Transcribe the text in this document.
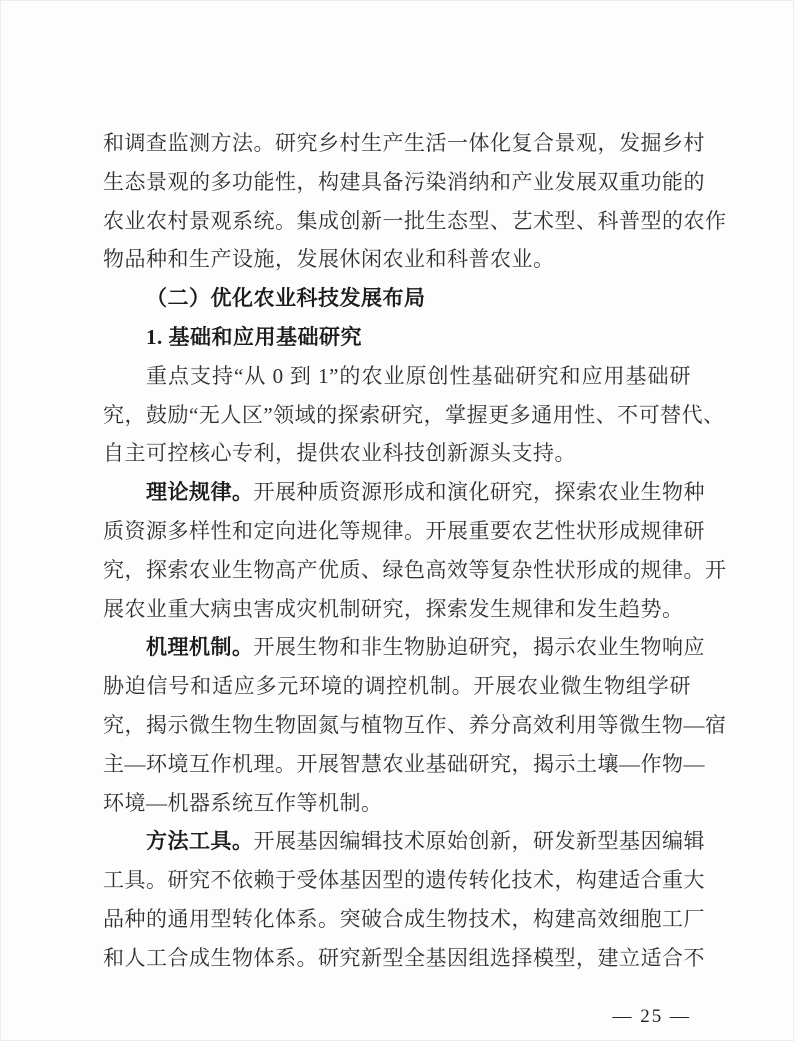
和调查监测方法。研究乡村生产生活一体化复合景观，发掘乡村
生态景观的多功能性，构建具备污染消纳和产业发展双重功能的
农业农村景观系统。集成创新一批生态型、艺术型、科普型的农作
物品种和生产设施，发展休闲农业和科普农业。
（二）优化农业科技发展布局
1. 基础和应用基础研究
重点支持“从 0 到 1”的农业原创性基础研究和应用基础研
究，鼓励“无人区”领域的探索研究，掌握更多通用性、不可替代、
自主可控核心专利，提供农业科技创新源头支持。
理论规律。开展种质资源形成和演化研究，探索农业生物种
质资源多样性和定向进化等规律。开展重要农艺性状形成规律研
究，探索农业生物高产优质、绿色高效等复杂性状形成的规律。开
展农业重大病虫害成灾机制研究，探索发生规律和发生趋势。
机理机制。开展生物和非生物胁迫研究，揭示农业生物响应
胁迫信号和适应多元环境的调控机制。开展农业微生物组学研
究，揭示微生物生物固氮与植物互作、养分高效利用等微生物—宿
主—环境互作机理。开展智慧农业基础研究，揭示土壤—作物—
环境—机器系统互作等机制。
方法工具。开展基因编辑技术原始创新，研发新型基因编辑
工具。研究不依赖于受体基因型的遗传转化技术，构建适合重大
品种的通用型转化体系。突破合成生物技术，构建高效细胞工厂
和人工合成生物体系。研究新型全基因组选择模型，建立适合不
— 25 —
